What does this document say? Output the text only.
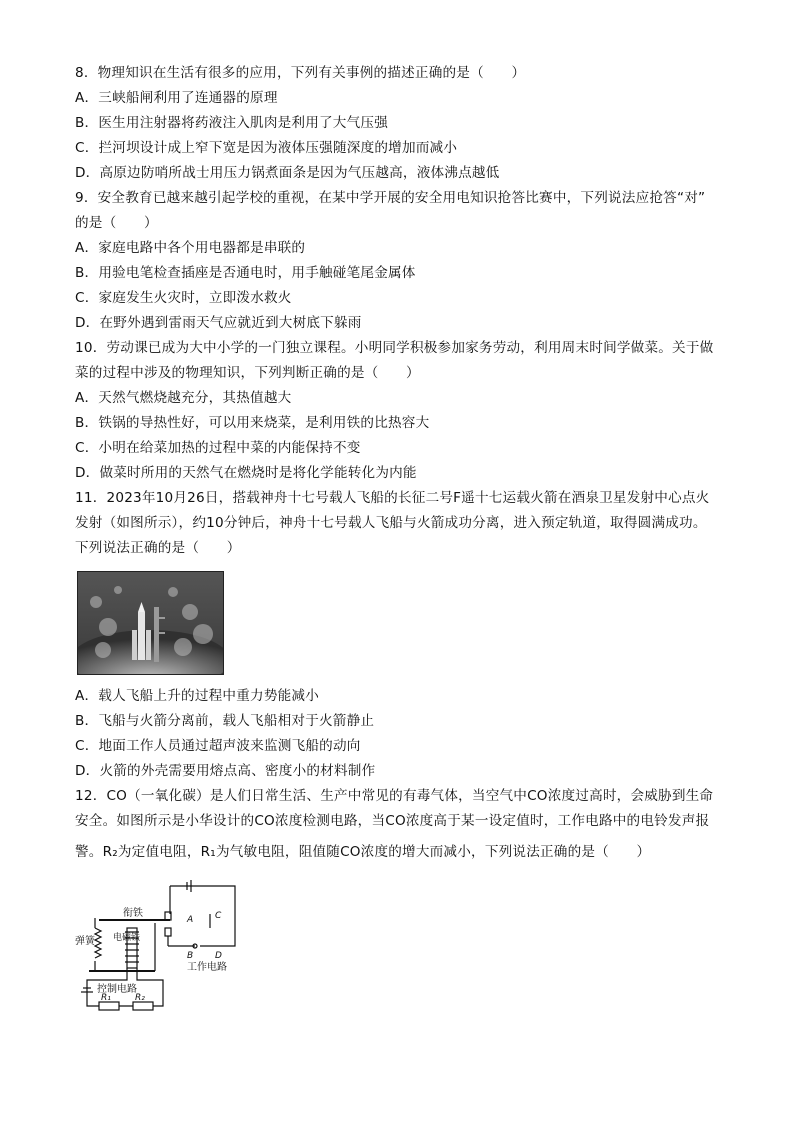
8．物理知识在生活有很多的应用，下列有关事例的描述正确的是（　　）
A．三峡船闸利用了连通器的原理
B．医生用注射器将药液注入肌肉是利用了大气压强
C．拦河坝设计成上窄下宽是因为液体压强随深度的增加而减小
D．高原边防哨所战士用压力锅煮面条是因为气压越高，液体沸点越低
9．安全教育已越来越引起学校的重视，在某中学开展的安全用电知识抢答比赛中，下列说法应抢答“对”
的是（　　）
A．家庭电路中各个用电器都是串联的
B．用验电笔检查插座是否通电时，用手触碰笔尾金属体
C．家庭发生火灾时，立即泼水救火
D．在野外遇到雷雨天气应就近到大树底下躲雨
10．劳动课已成为大中小学的一门独立课程。小明同学积极参加家务劳动，利用周末时间学做菜。关于做
菜的过程中涉及的物理知识，下列判断正确的是（　　）
A．天然气燃烧越充分，其热值越大
B．铁锅的导热性好，可以用来烧菜，是利用铁的比热容大
C．小明在给菜加热的过程中菜的内能保持不变
D．做菜时所用的天然气在燃烧时是将化学能转化为内能
11．2023年10月26日，搭载神舟十七号载人飞船的长征二号F遥十七运载火箭在酒泉卫星发射中心点火
发射（如图所示），约10分钟后，神舟十七号载人飞船与火箭成功分离，进入预定轨道，取得圆满成功。
下列说法正确的是（　　）
A．载人飞船上升的过程中重力势能减小
B．飞船与火箭分离前，载人飞船相对于火箭静止
C．地面工作人员通过超声波来监测飞船的动向
D．火箭的外壳需要用熔点高、密度小的材料制作
12．CO（一氧化碳）是人们日常生活、生产中常见的有毒气体，当空气中CO浓度过高时，会威胁到生命
安全。如图所示是小华设计的CO浓度检测电路，当CO浓度高于某一设定值时，工作电路中的电铃发声报
警。R₂为定值电阻，R₁为气敏电阻，阻值随CO浓度的增大而减小，下列说法正确的是（　　）
衔铁
弹簧 电磁铁
控制电路
工作电路
A
B
C
D
R₁	R₂
